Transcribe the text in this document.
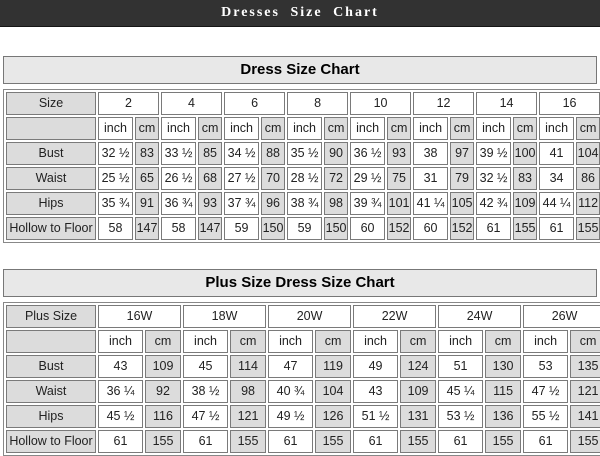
Dresses Size Chart
Dress Size Chart
Size	2		4		6		8		10		12		14		16	
	inch	cm	inch	cm	inch	cm	inch	cm	inch	cm	inch	cm	inch	cm	inch	cm
Bust	32 ½	83	33 ½	85	34 ½	88	35 ½	90	36 ½	93	38	97	39 ½	100	41	104
Waist	25 ½	65	26 ½	68	27 ½	70	28 ½	72	29 ½	75	31	79	32 ½	83	34	86
Hips	35 ¾	91	36 ¾	93	37 ¾	96	38 ¾	98	39 ¾	101	41 ¼	105	42 ¾	109	44 ¼	112
Hollow to Floor	58	147	58	147	59	150	59	150	60	152	60	152	61	155	61	155
Plus Size Dress Size Chart
Plus Size	16W		18W		20W		22W		24W		26W	
	inch	cm	inch	cm	inch	cm	inch	cm	inch	cm	inch	cm
Bust	43	109	45	114	47	119	49	124	51	130	53	135
Waist	36 ¼	92	38 ½	98	40 ¾	104	43	109	45 ¼	115	47 ½	121
Hips	45 ½	116	47 ½	121	49 ½	126	51 ½	131	53 ½	136	55 ½	141
Hollow to Floor	61	155	61	155	61	155	61	155	61	155	61	155
